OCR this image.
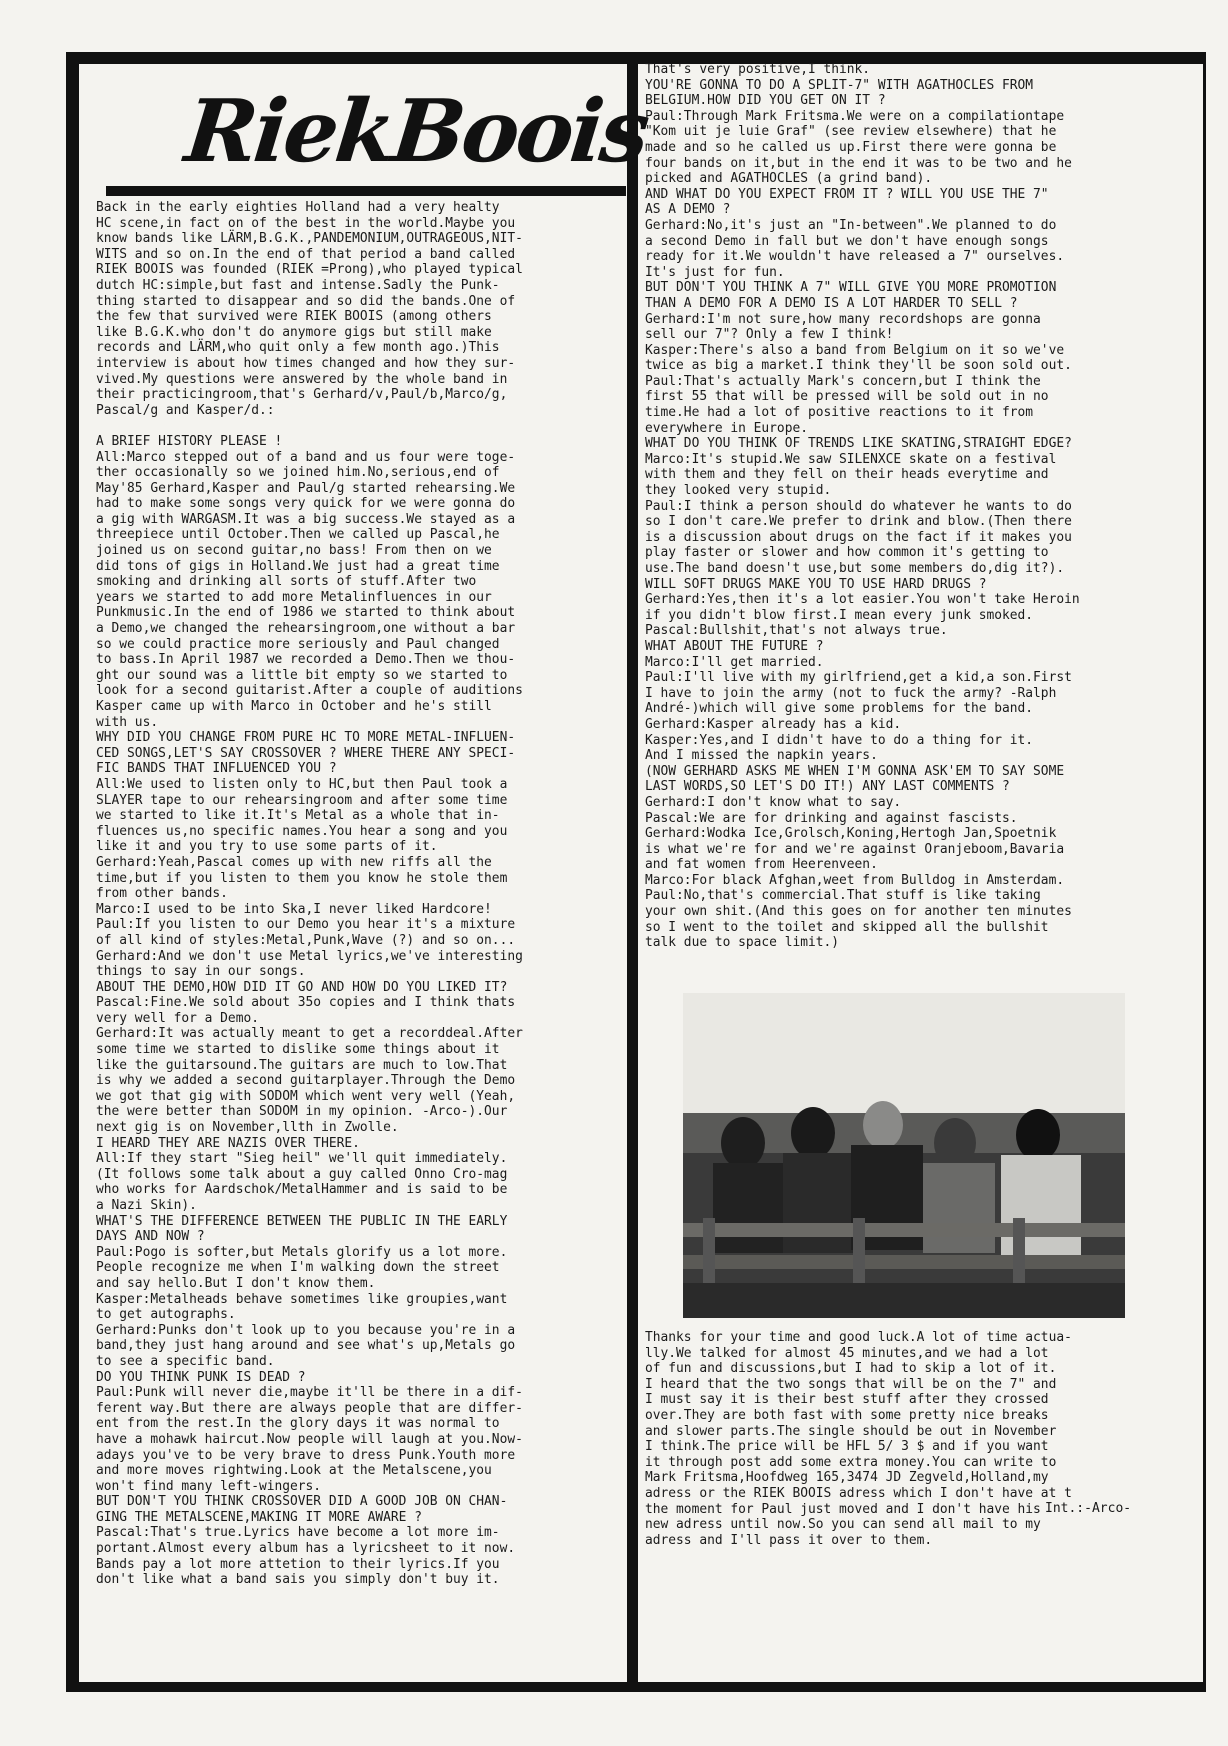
RiekBoois
Back in the early eighties Holland had a very healty
HC scene,in fact on of the best in the world.Maybe you
know bands like LÄRM,B.G.K.,PANDEMONIUM,OUTRAGEOUS,NIT-
WITS and so on.In the end of that period a band called
RIEK BOOIS was founded (RIEK =Prong),who played typical
dutch HC:simple,but fast and intense.Sadly the Punk-
thing started to disappear and so did the bands.One of
the few that survived were RIEK BOOIS (among others
like B.G.K.who don't do anymore gigs but still make
records and LÄRM,who quit only a few month ago.)This
interview is about how times changed and how they sur-
vived.My questions were answered by the whole band in
their practicingroom,that's Gerhard/v,Paul/b,Marco/g,
Pascal/g and Kasper/d.:

A BRIEF HISTORY PLEASE !
All:Marco stepped out of a band and us four were toge-
ther occasionally so we joined him.No,serious,end of
May'85 Gerhard,Kasper and Paul/g started rehearsing.We
had to make some songs very quick for we were gonna do
a gig with WARGASM.It was a big success.We stayed as a
threepiece until October.Then we called up Pascal,he
joined us on second guitar,no bass! From then on we
did tons of gigs in Holland.We just had a great time
smoking and drinking all sorts of stuff.After two
years we started to add more Metalinfluences in our
Punkmusic.In the end of 1986 we started to think about
a Demo,we changed the rehearsingroom,one without a bar
so we could practice more seriously and Paul changed
to bass.In April 1987 we recorded a Demo.Then we thou-
ght our sound was a little bit empty so we started to
look for a second guitarist.After a couple of auditions
Kasper came up with Marco in October and he's still
with us.
WHY DID YOU CHANGE FROM PURE HC TO MORE METAL-INFLUEN-
CED SONGS,LET'S SAY CROSSOVER ? WHERE THERE ANY SPECI-
FIC BANDS THAT INFLUENCED YOU ?
All:We used to listen only to HC,but then Paul took a
SLAYER tape to our rehearsingroom and after some time
we started to like it.It's Metal as a whole that in-
fluences us,no specific names.You hear a song and you
like it and you try to use some parts of it.
Gerhard:Yeah,Pascal comes up with new riffs all the
time,but if you listen to them you know he stole them
from other bands.
Marco:I used to be into Ska,I never liked Hardcore!
Paul:If you listen to our Demo you hear it's a mixture
of all kind of styles:Metal,Punk,Wave (?) and so on...
Gerhard:And we don't use Metal lyrics,we've interesting
things to say in our songs.
ABOUT THE DEMO,HOW DID IT GO AND HOW DO YOU LIKED IT?
Pascal:Fine.We sold about 35o copies and I think thats
very well for a Demo.
Gerhard:It was actually meant to get a recorddeal.After
some time we started to dislike some things about it
like the guitarsound.The guitars are much to low.That
is why we added a second guitarplayer.Through the Demo
we got that gig with SODOM which went very well (Yeah,
the were better than SODOM in my opinion. -Arco-).Our
next gig is on November,llth in Zwolle.
I HEARD THEY ARE NAZIS OVER THERE.
All:If they start "Sieg heil" we'll quit immediately.
(It follows some talk about a guy called Onno Cro-mag
who works for Aardschok/MetalHammer and is said to be
a Nazi Skin).
WHAT'S THE DIFFERENCE BETWEEN THE PUBLIC IN THE EARLY
DAYS AND NOW ?
Paul:Pogo is softer,but Metals glorify us a lot more.
People recognize me when I'm walking down the street
and say hello.But I don't know them.
Kasper:Metalheads behave sometimes like groupies,want
to get autographs.
Gerhard:Punks don't look up to you because you're in a
band,they just hang around and see what's up,Metals go
to see a specific band.
DO YOU THINK PUNK IS DEAD ?
Paul:Punk will never die,maybe it'll be there in a dif-
ferent way.But there are always people that are differ-
ent from the rest.In the glory days it was normal to
have a mohawk haircut.Now people will laugh at you.Now-
adays you've to be very brave to dress Punk.Youth more
and more moves rightwing.Look at the Metalscene,you
won't find many left-wingers.
BUT DON'T YOU THINK CROSSOVER DID A GOOD JOB ON CHAN-
GING THE METALSCENE,MAKING IT MORE AWARE ?
Pascal:That's true.Lyrics have become a lot more im-
portant.Almost every album has a lyricsheet to it now.
Bands pay a lot more attetion to their lyrics.If you
don't like what a band sais you simply don't buy it.
That's very positive,I think.
YOU'RE GONNA TO DO A SPLIT-7" WITH AGATHOCLES FROM
BELGIUM.HOW DID YOU GET ON IT ?
Paul:Through Mark Fritsma.We were on a compilationtape
"Kom uit je luie Graf" (see review elsewhere) that he
made and so he called us up.First there were gonna be
four bands on it,but in the end it was to be two and he
picked and AGATHOCLES (a grind band).
AND WHAT DO YOU EXPECT FROM IT ? WILL YOU USE THE 7"
AS A DEMO ?
Gerhard:No,it's just an "In-between".We planned to do
a second Demo in fall but we don't have enough songs
ready for it.We wouldn't have released a 7" ourselves.
It's just for fun.
BUT DON'T YOU THINK A 7" WILL GIVE YOU MORE PROMOTION
THAN A DEMO FOR A DEMO IS A LOT HARDER TO SELL ?
Gerhard:I'm not sure,how many recordshops are gonna
sell our 7"? Only a few I think!
Kasper:There's also a band from Belgium on it so we've
twice as big a market.I think they'll be soon sold out.
Paul:That's actually Mark's concern,but I think the
first 55 that will be pressed will be sold out in no
time.He had a lot of positive reactions to it from
everywhere in Europe.
WHAT DO YOU THINK OF TRENDS LIKE SKATING,STRAIGHT EDGE?
Marco:It's stupid.We saw SILENXCE skate on a festival
with them and they fell on their heads everytime and
they looked very stupid.
Paul:I think a person should do whatever he wants to do
so I don't care.We prefer to drink and blow.(Then there
is a discussion about drugs on the fact if it makes you
play faster or slower and how common it's getting to
use.The band doesn't use,but some members do,dig it?).
WILL SOFT DRUGS MAKE YOU TO USE HARD DRUGS ?
Gerhard:Yes,then it's a lot easier.You won't take Heroin
if you didn't blow first.I mean every junk smoked.
Pascal:Bullshit,that's not always true.
WHAT ABOUT THE FUTURE ?
Marco:I'll get married.
Paul:I'll live with my girlfriend,get a kid,a son.First
I have to join the army (not to fuck the army? -Ralph
André-)which will give some problems for the band.
Gerhard:Kasper already has a kid.
Kasper:Yes,and I didn't have to do a thing for it.
And I missed the napkin years.
(NOW GERHARD ASKS ME WHEN I'M GONNA ASK'EM TO SAY SOME
LAST WORDS,SO LET'S DO IT!) ANY LAST COMMENTS ?
Gerhard:I don't know what to say.
Pascal:We are for drinking and against fascists.
Gerhard:Wodka Ice,Grolsch,Koning,Hertogh Jan,Spoetnik
is what we're for and we're against Oranjeboom,Bavaria
and fat women from Heerenveen.
Marco:For black Afghan,weet from Bulldog in Amsterdam.
Paul:No,that's commercial.That stuff is like taking
your own shit.(And this goes on for another ten minutes
so I went to the toilet and skipped all the bullshit
talk due to space limit.)
Thanks for your time and good luck.A lot of time actua-
lly.We talked for almost 45 minutes,and we had a lot
of fun and discussions,but I had to skip a lot of it.
I heard that the two songs that will be on the 7" and
I must say it is their best stuff after they crossed
over.They are both fast with some pretty nice breaks
and slower parts.The single should be out in November
I think.The price will be HFL 5/ 3 $ and if you want
it through post add some extra money.You can write to
Mark Fritsma,Hoofdweg 165,3474 JD Zegveld,Holland,my
adress or the RIEK BOOIS adress which I don't have at t
the moment for Paul just moved and I don't have his
new adress until now.So you can send all mail to my
adress and I'll pass it over to them.
Int.:-Arco-
